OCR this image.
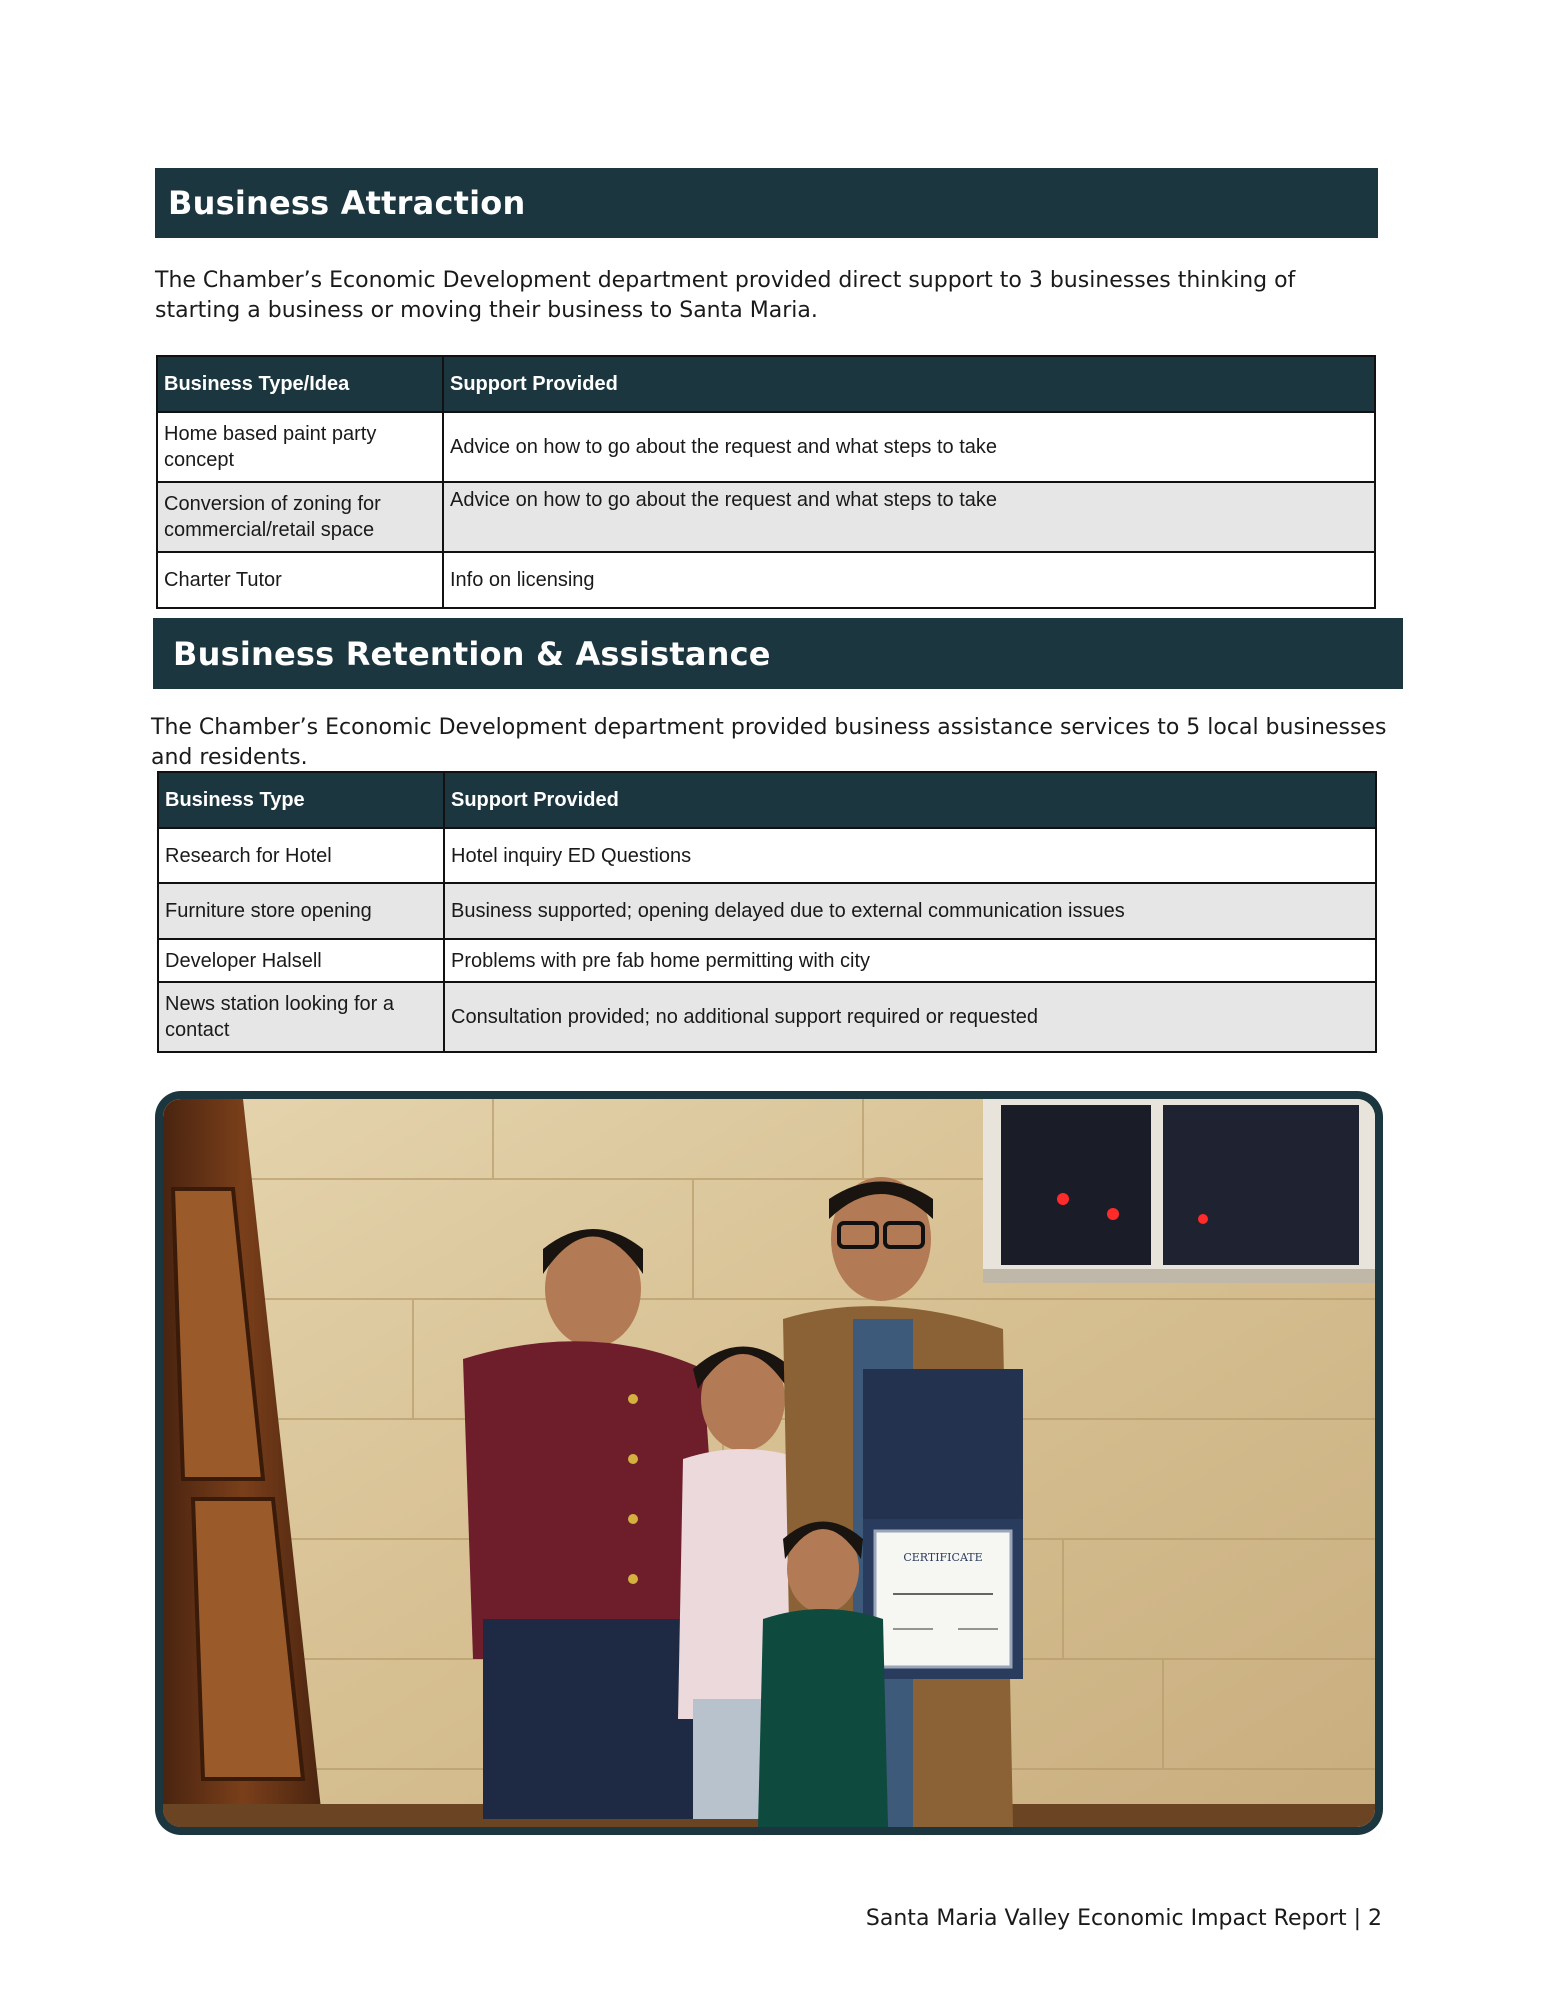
Business Attraction

The Chamber’s Economic Development department provided direct support to 3 businesses thinking of starting a business or moving their business to Santa Maria.

Business Type/Idea	Support Provided
Home based paint party concept	Advice on how to go about the request and what steps to take
Conversion of zoning for commercial/retail space	Advice on how to go about the request and what steps to take
Charter Tutor	Info on licensing
Business Retention & Assistance

The Chamber’s Economic Development department provided business assistance services to 5 local businesses and residents.

Business Type	Support Provided
Research for Hotel	Hotel inquiry ED Questions
Furniture store opening	Business supported; opening delayed due to external communication issues
Developer Halsell	Problems with pre fab home permitting with city
News station looking for a contact	Consultation provided; no additional support required or requested
CERTIFICATE
Santa Maria Valley Economic Impact Report | 2
